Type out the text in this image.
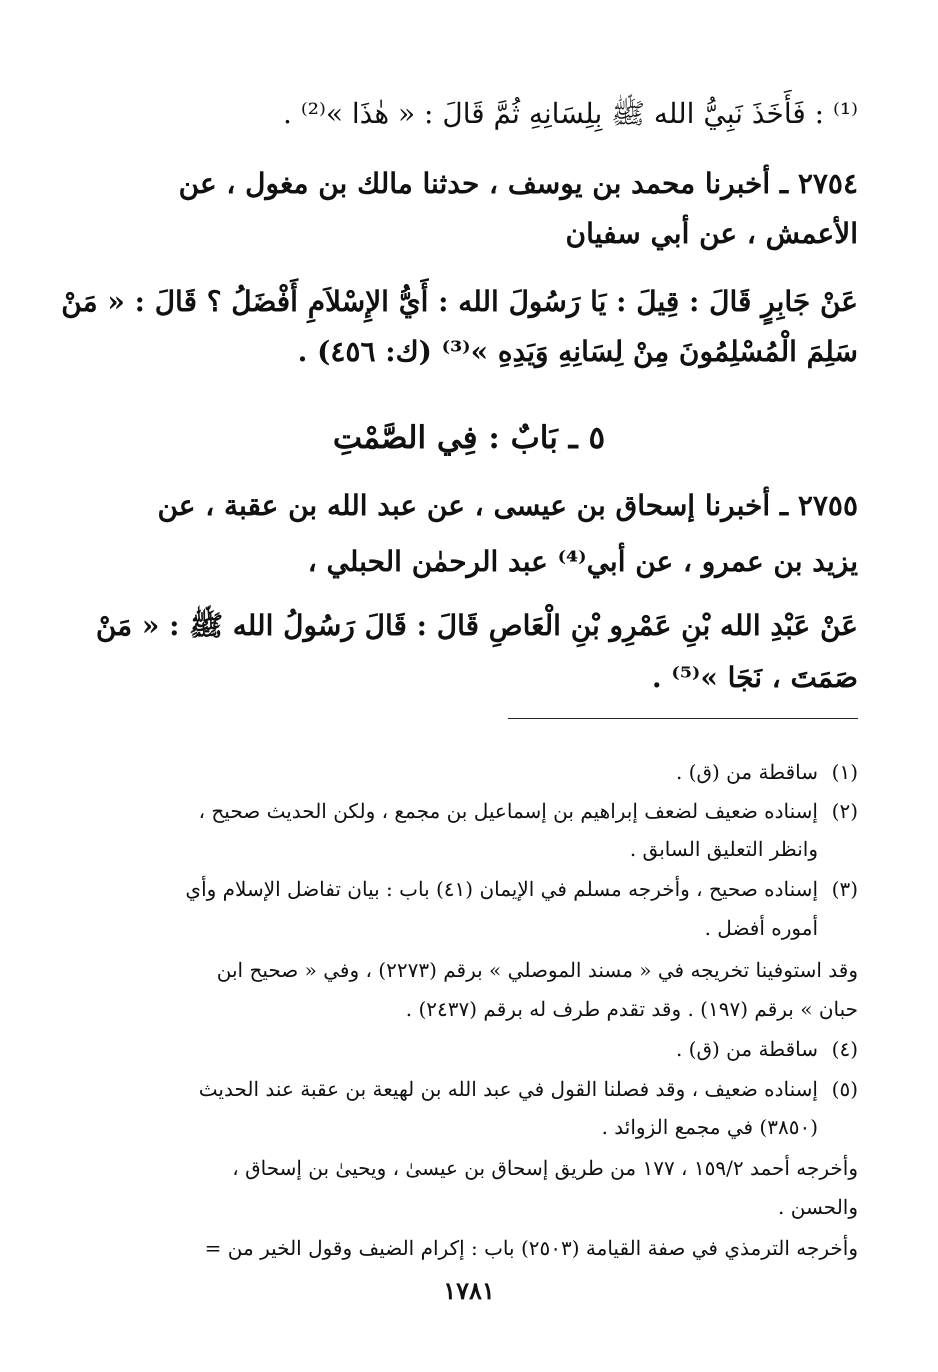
⁽¹⁾ : فَأَخَذَ نَبِيُّ الله ﷺ بِلِسَانِهِ ثُمَّ قَالَ : « هٰذَا »⁽²⁾ .
٢٧٥٤ ـ أخبرنا محمد بن يوسف ، حدثنا مالك بن مغول ، عن
الأعمش ، عن أبي سفيان
عَنْ جَابِرٍ قَالَ : قِيلَ : يَا رَسُولَ الله : أَيُّ الإِسْلاَمِ أَفْضَلُ ؟ قَالَ : « مَنْ
سَلِمَ الْمُسْلِمُونَ مِنْ لِسَانِهِ وَيَدِهِ »⁽³⁾ (ك: ٤٥٦) .
٥ ـ بَابٌ : فِي الصَّمْتِ
٢٧٥٥ ـ أخبرنا إسحاق بن عيسى ، عن عبد الله بن عقبة ، عن
يزيد بن عمرو ، عن أبي⁽⁴⁾ عبد الرحمٰن الحبلي ،
عَنْ عَبْدِ الله بْنِ عَمْرِو بْنِ الْعَاصِ قَالَ : قَالَ رَسُولُ الله ﷺ : « مَنْ
صَمَتَ ، نَجَا »⁽⁵⁾ .
(١)ساقطة من (ق) .
(٢)إسناده ضعيف لضعف إبراهيم بن إسماعيل بن مجمع ، ولكن الحديث صحيح ،
وانظر التعليق السابق .
(٣)إسناده صحيح ، وأخرجه مسلم في الإيمان (٤١) باب : بيان تفاضل الإسلام وأي
أموره أفضل .
وقد استوفينا تخريجه في « مسند الموصلي » برقم (٢٢٧٣) ، وفي « صحيح ابن
حبان » برقم (١٩٧) . وقد تقدم طرف له برقم (٢٤٣٧) .
(٤)ساقطة من (ق) .
(٥)إسناده ضعيف ، وقد فصلنا القول في عبد الله بن لهيعة بن عقبة عند الحديث
(٣٨٥٠) في مجمع الزوائد .
وأخرجه أحمد ١٥٩/٢ ، ١٧٧ من طريق إسحاق بن عيسىٰ ، ويحيىٰ بن إسحاق ،
والحسن .
وأخرجه الترمذي في صفة القيامة (٢٥٠٣) باب : إكرام الضيف وقول الخير من =
١٧٨١
